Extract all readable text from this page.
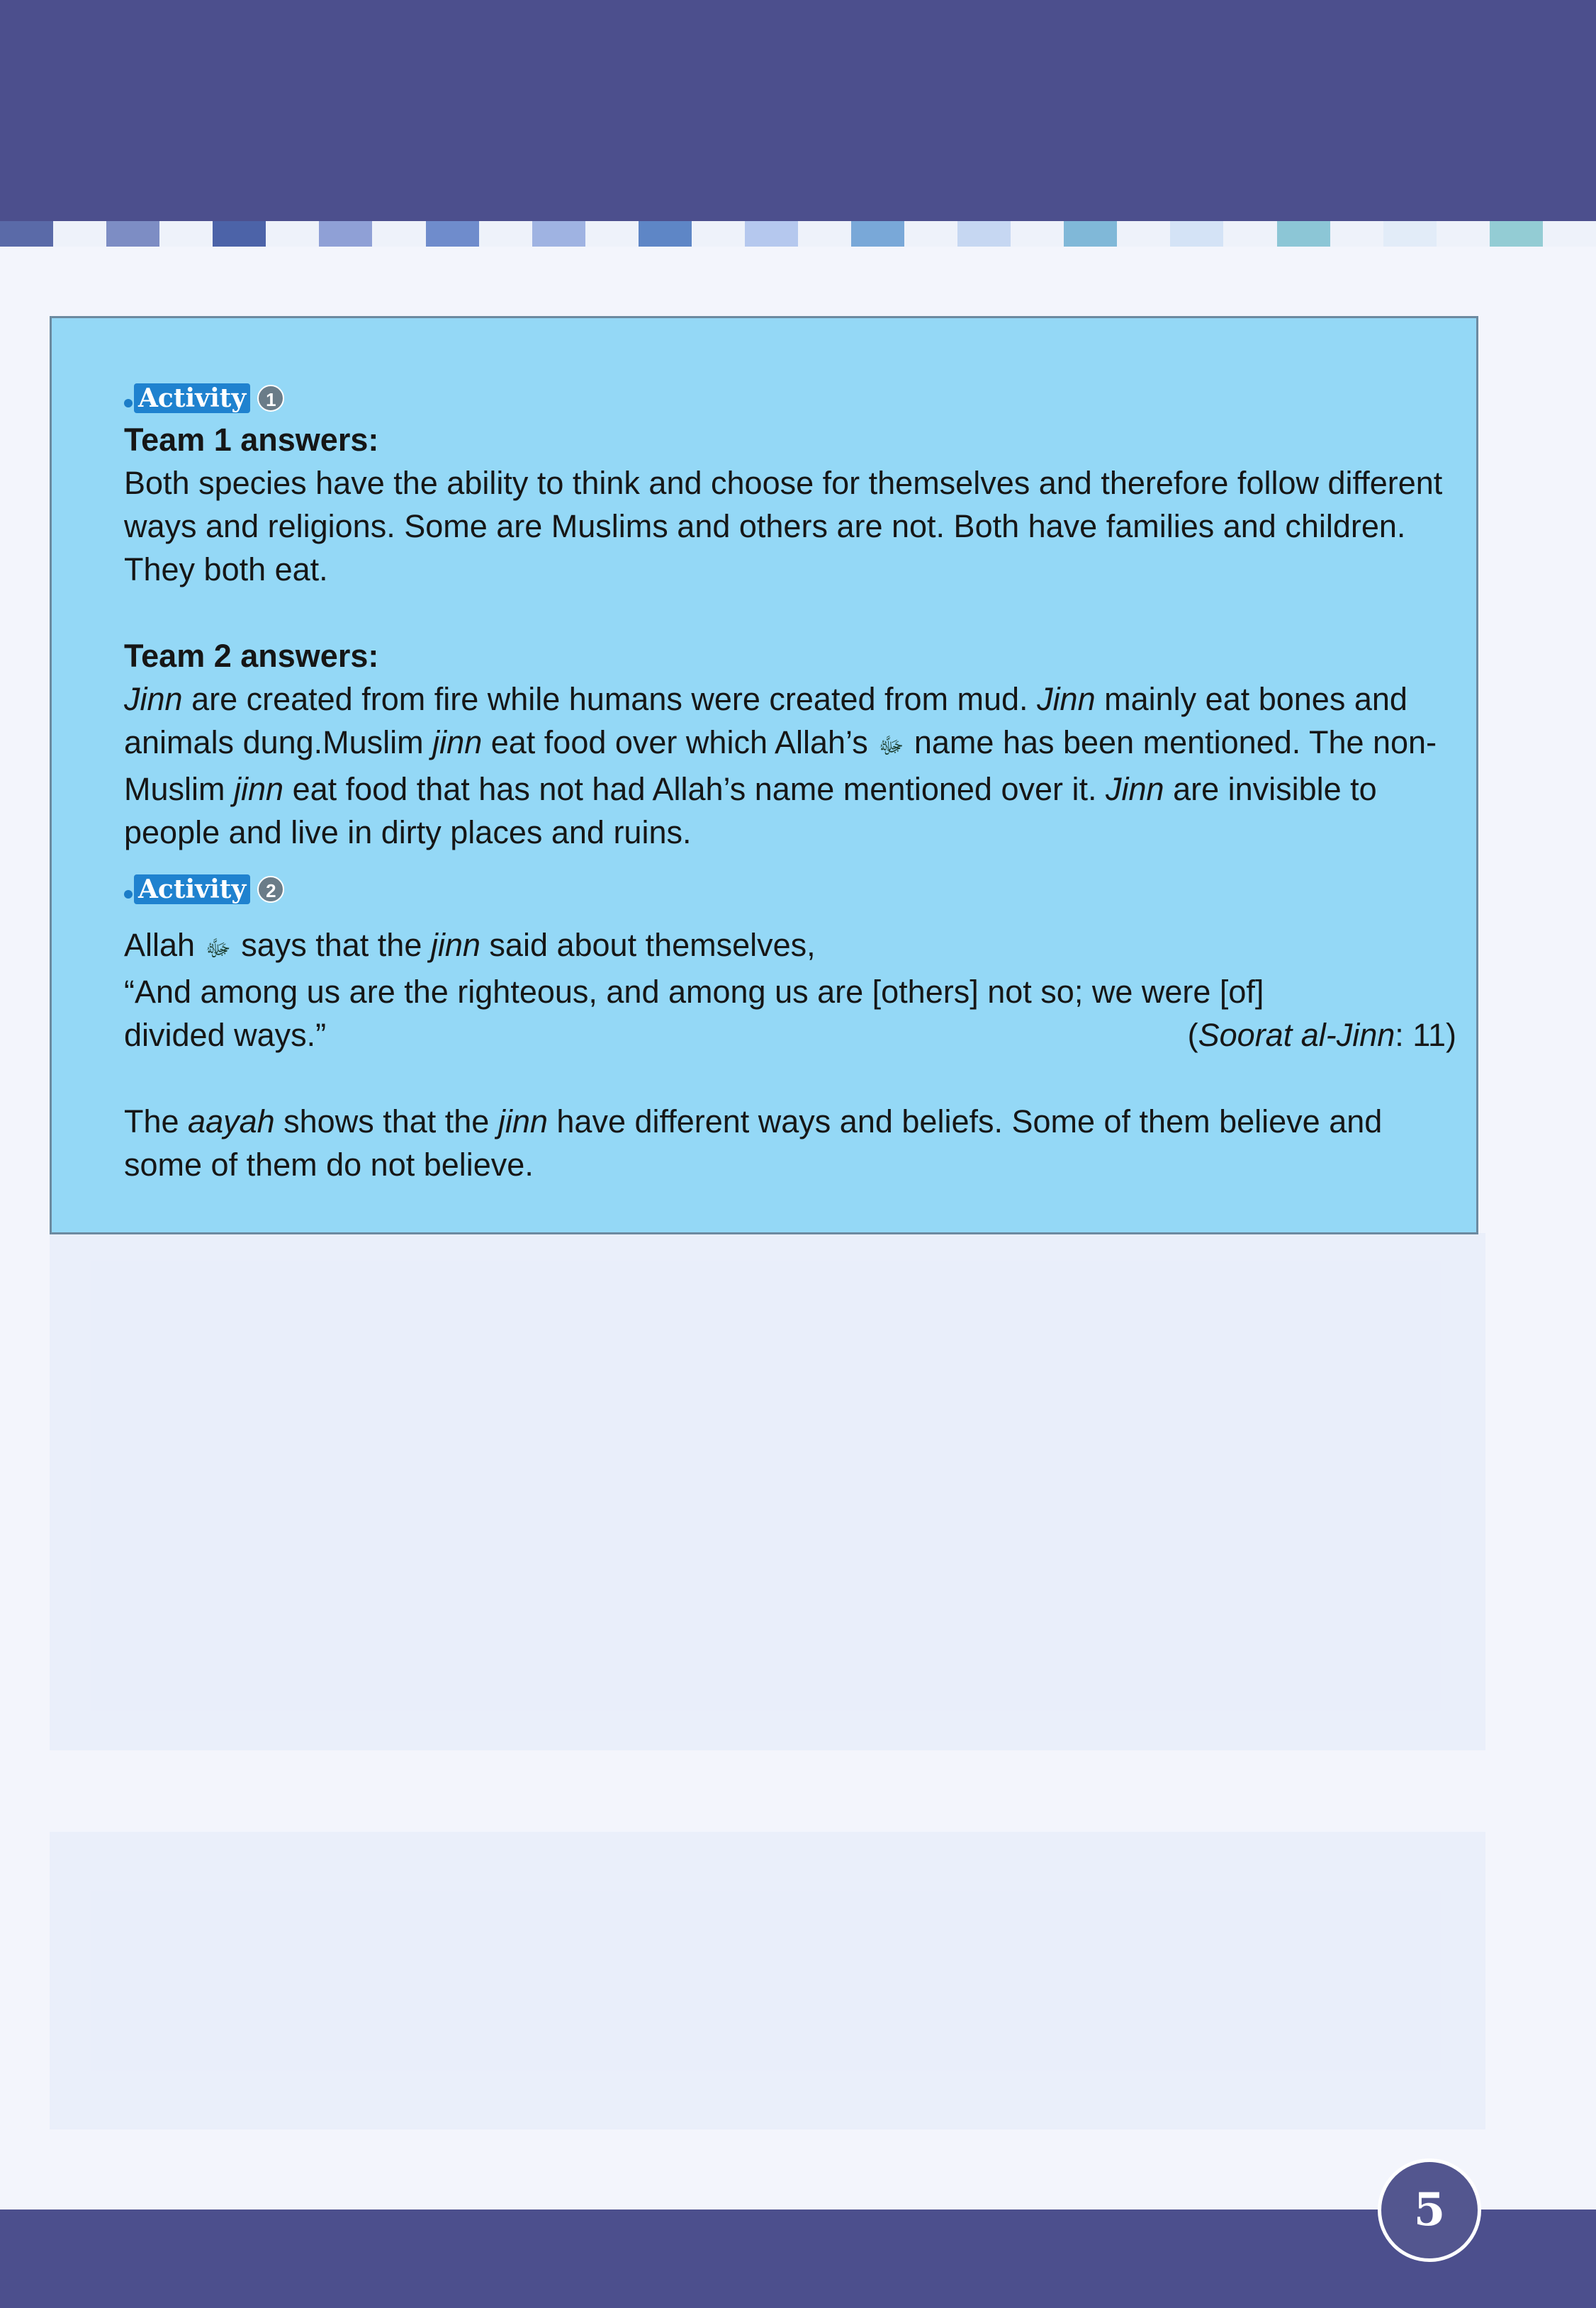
Activity	1

Team 1 answers:

Both species have the ability to think and choose for themselves and therefore follow different ways and religions. Some are Muslims and others are not. Both have families and children. They both eat.

Team 2 answers:

Jinn are created from fire while humans were created from mud. Jinn mainly eat bones and animals dung.Muslim jinn eat food over which Allah’s ﷻ name has been mentioned. The non-Muslim jinn eat food that has not had Allah’s name mentioned over it. Jinn are invisible to people and live in dirty places and ruins.

Activity	2

Allah ﷻ says that the jinn said about themselves,

“And among us are the righteous, and among us are [others] not so; we were [of]

divided ways.”	(Soorat al-Jinn: 11)

The aayah shows that the jinn have different ways and beliefs. Some of them believe and some of them do not believe.

5
